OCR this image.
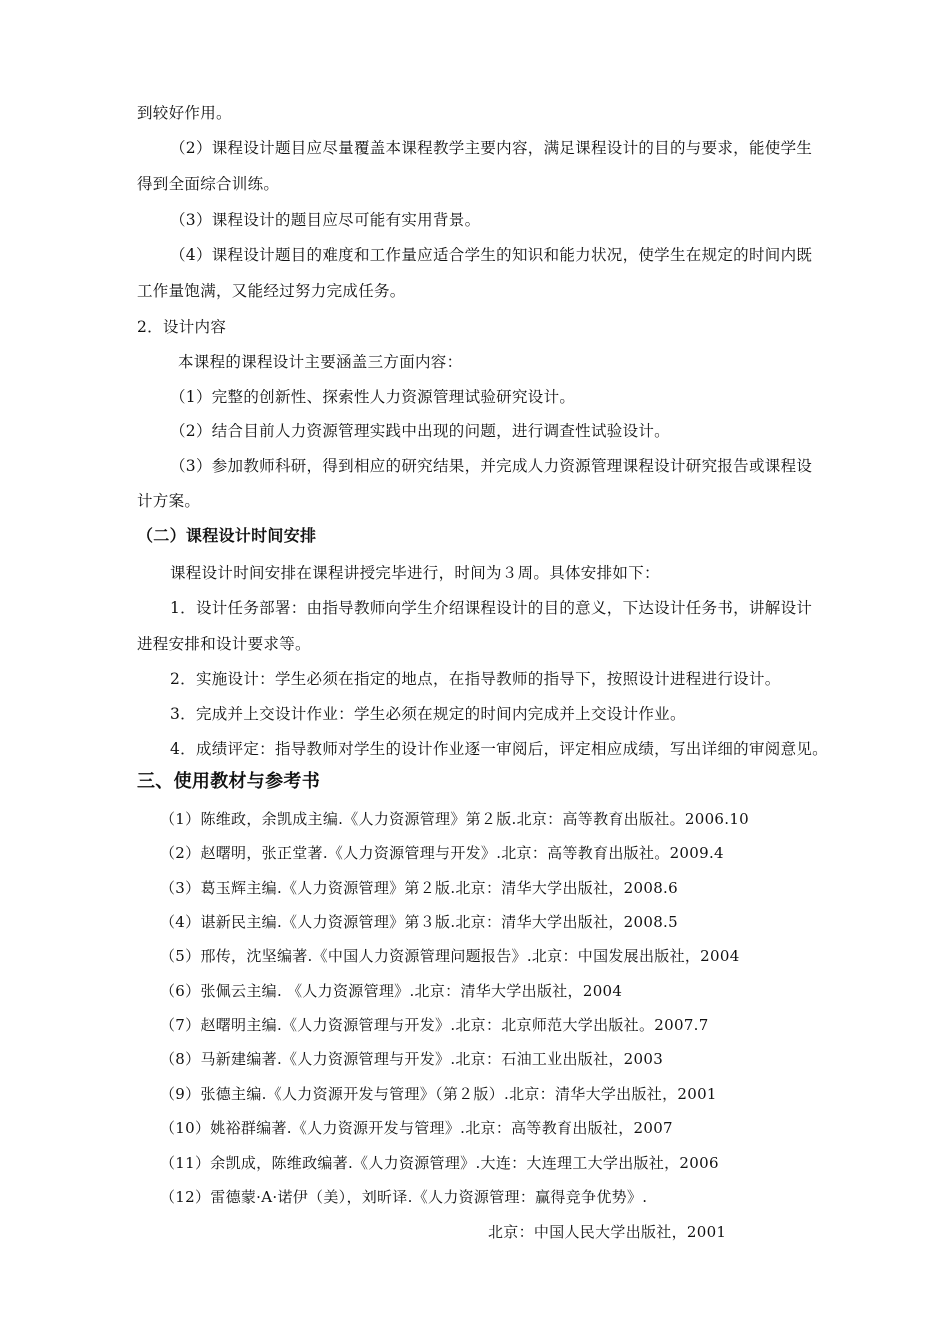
到较好作用。
（2）课程设计题目应尽量覆盖本课程教学主要内容，满足课程设计的目的与要求，能使学生
得到全面综合训练。
（3）课程设计的题目应尽可能有实用背景。
（4）课程设计题目的难度和工作量应适合学生的知识和能力状况，使学生在规定的时间内既
工作量饱满，又能经过努力完成任务。
2．设计内容
本课程的课程设计主要涵盖三方面内容：
（1）完整的创新性、探索性人力资源管理试验研究设计。
（2）结合目前人力资源管理实践中出现的问题，进行调查性试验设计。
（3）参加教师科研，得到相应的研究结果，并完成人力资源管理课程设计研究报告或课程设
计方案。
（二）课程设计时间安排
课程设计时间安排在课程讲授完毕进行，时间为３周。具体安排如下：
1．设计任务部署：由指导教师向学生介绍课程设计的目的意义，下达设计任务书，讲解设计
进程安排和设计要求等。
2．实施设计：学生必须在指定的地点，在指导教师的指导下，按照设计进程进行设计。
3．完成并上交设计作业：学生必须在规定的时间内完成并上交设计作业。
4．成绩评定：指导教师对学生的设计作业逐一审阅后，评定相应成绩，写出详细的审阅意见。
三、使用教材与参考书
（1）陈维政，余凯成主编.《人力资源管理》第２版.北京：高等教育出版社。2006.10
（2）赵曙明，张正堂著.《人力资源管理与开发》.北京：高等教育出版社。2009.4
（3）葛玉辉主编.《人力资源管理》第２版.北京：清华大学出版社，2008.6
（4）谌新民主编.《人力资源管理》第３版.北京：清华大学出版社，2008.5
（5）邢传，沈坚编著.《中国人力资源管理问题报告》.北京：中国发展出版社，2004
（6）张佩云主编. 《人力资源管理》.北京：清华大学出版社，2004
（7）赵曙明主编.《人力资源管理与开发》.北京：北京师范大学出版社。2007.7
（8）马新建编著.《人力资源管理与开发》.北京：石油工业出版社，2003
（9）张德主编.《人力资源开发与管理》（第２版）.北京：清华大学出版社，2001
（10）姚裕群编著.《人力资源开发与管理》.北京：高等教育出版社，2007
（11）余凯成，陈维政编著.《人力资源管理》.大连：大连理工大学出版社，2006
（12）雷德蒙·A·诺伊（美），刘昕译.《人力资源管理：赢得竞争优势》.
北京：中国人民大学出版社，2001
